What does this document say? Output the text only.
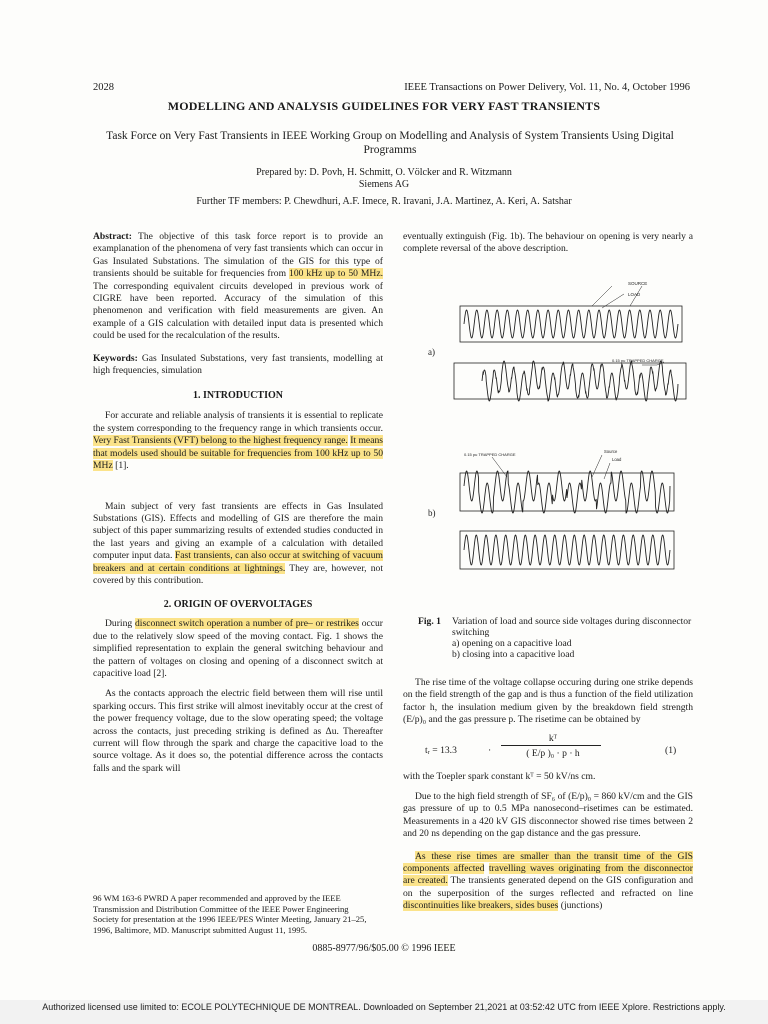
2028	IEEE Transactions on Power Delivery, Vol. 11, No. 4, October 1996
MODELLING AND ANALYSIS GUIDELINES FOR VERY FAST TRANSIENTS
Task Force on Very Fast Transients in IEEE Working Group on Modelling and Analysis of System Transients Using Digital Programms
Prepared by: D. Povh, H. Schmitt, O. Völcker and R. Witzmann
Siemens AG
Further TF members: P. Chewdhuri, A.F. Imece, R. Iravani, J.A. Martinez, A. Keri, A. Satshar

Abstract: The objective of this task force report is to provide an examplanation of the phenomena of very fast transients which can occur in Gas Insulated Substations. The simulation of the GIS for this type of transients should be suitable for frequencies from 100 kHz up to 50 MHz. The corresponding equivalent circuits developed in previous work of CIGRE have been reported. Accuracy of the simulation of this phenomenon and verification with field measurements are given. An example of a GIS calculation with detailed input data is presented which could be used for the recalculation of the results.

Keywords: Gas Insulated Substations, very fast transients, modelling at high frequencies, simulation

1. INTRODUCTION

For accurate and reliable analysis of transients it is essential to replicate the system corresponding to the frequency range in which transients occur. Very Fast Transients (VFT) belong to the highest frequency range. It means that models used should be suitable for frequencies from 100 kHz up to 50 MHz [1].

Main subject of very fast transients are effects in Gas Insulated Substations (GIS). Effects and modelling of GIS are therefore the main subject of this paper summarizing results of extended studies conducted in the last years and giving an example of a calculation with detailed computer input data. Fast transients, can also occur at switching of vacuum breakers and at certain conditions at lightnings. They are, however, not covered by this contribution.

2. ORIGIN OF OVERVOLTAGES

During disconnect switch operation a number of pre– or restrikes occur due to the relatively slow speed of the moving contact. Fig. 1 shows the simplified representation to explain the general switching behaviour and the pattern of voltages on closing and opening of a disconnect switch at capacitive load [2].

As the contacts approach the electric field between them will rise until sparking occurs. This first strike will almost inevitably occur at the crest of the power frequency voltage, due to the slow operating speed; the voltage across the contacts, just preceding striking is defined as Δu. Thereafter current will flow through the spark and charge the capacitive load to the source voltage. As it does so, the potential difference across the contacts falls and the spark will

96 WM 163-6 PWRD A paper recommended and approved by the IEEE Transmission and Distribution Committee of the IEEE Power Engineering Society for presentation at the 1996 IEEE/PES Winter Meeting, January 21–25, 1996, Baltimore, MD. Manuscript submitted August 11, 1995.

eventually extinguish (Fig. 1b). The behaviour on opening is very nearly a complete reversal of the above description.

a)
b)
SOURCE
LOAD
0.15 pu TRAPPED CHARGE
0.15 pu TRAPPED CHARGE
Source
Load
Fig. 1	Variation of load and source side voltages during disconnector switching
a) opening on a capacitive load
b) closing into a capacitive load

The rise time of the voltage collapse occuring during one strike depends on the field strength of the gap and is thus a function of the field utilization factor h, the insulation medium given by the breakdown field strength (E/p)₀ and the gas pressure p. The risetime can be obtained by

tᵣ = 13.3	·
kᵀ
( E/p )₀ · p · h	(1)

with the Toepler spark constant kᵀ = 50 kV/ns cm.

Due to the high field strength of SF₆ of (E/p)₀ = 860 kV/cm and the GIS gas pressure of up to 0.5 MPa nanosecond–risetimes can be estimated. Measurements in a 420 kV GIS disconnector showed rise times between 2 and 20 ns depending on the gap distance and the gas pressure.

As these rise times are smaller than the transit time of the GIS components affected travelling waves originating from the disconnector are created. The transients generated depend on the GIS configuration and on the superposition of the surges reflected and refracted on line discontinuities like breakers, sides buses (junctions)

0885-8977/96/$05.00 © 1996 IEEE
Authorized licensed use limited to: ECOLE POLYTECHNIQUE DE MONTREAL. Downloaded on September 21,2021 at 03:52:42 UTC from IEEE Xplore. Restrictions apply.
